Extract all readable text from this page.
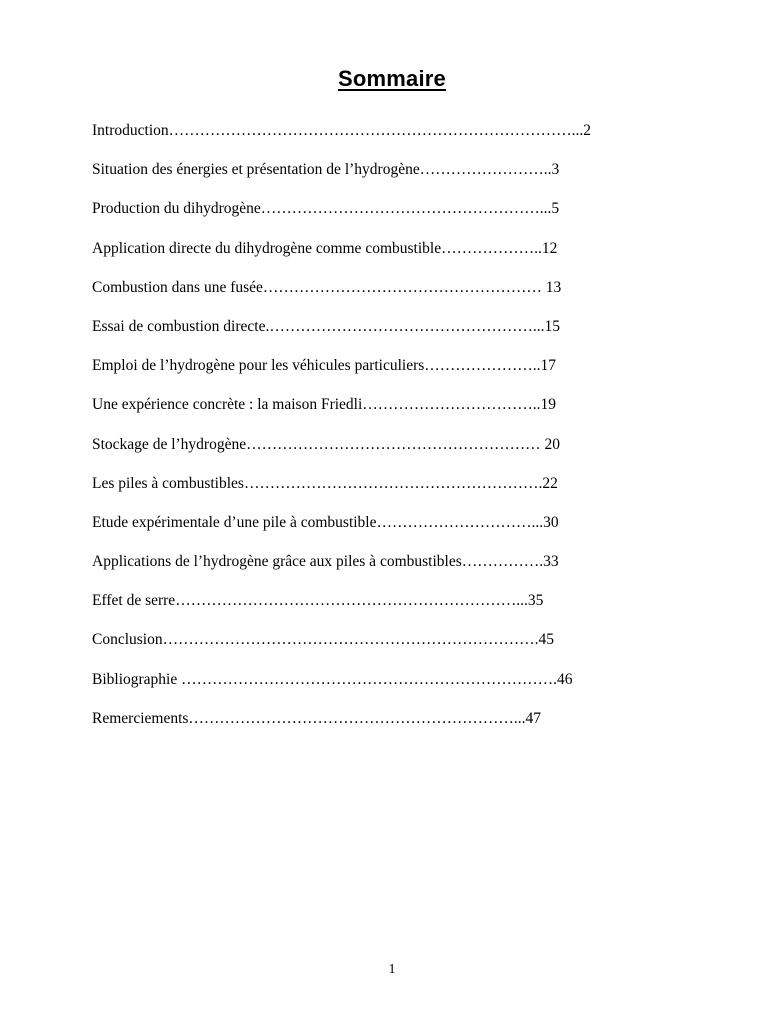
Sommaire
Introduction……………………………………………………………………...2
Situation des énergies et présentation de l’hydrogène……………………..3
Production du dihydrogène………………………………………………...5
Application directe du dihydrogène comme combustible………………..12
Combustion dans une fusée……………………………………………… 13
Essai de combustion directe.……………………………………………...15
Emploi de l’hydrogène pour les véhicules particuliers…………………..17
Une expérience concrète : la maison Friedli……………………………..19
Stockage de l’hydrogène………………………………………………… 20
Les piles à combustibles………………………………………………….22
Etude expérimentale d’une pile à combustible…………………………...30
Applications de l’hydrogène grâce aux piles à combustibles…………….33
Effet de serre…………………………………………………………...35
Conclusion……………………………………………………………….45
Bibliographie ……………………………………………………………….46
Remerciements………………………………………………………...47
1
